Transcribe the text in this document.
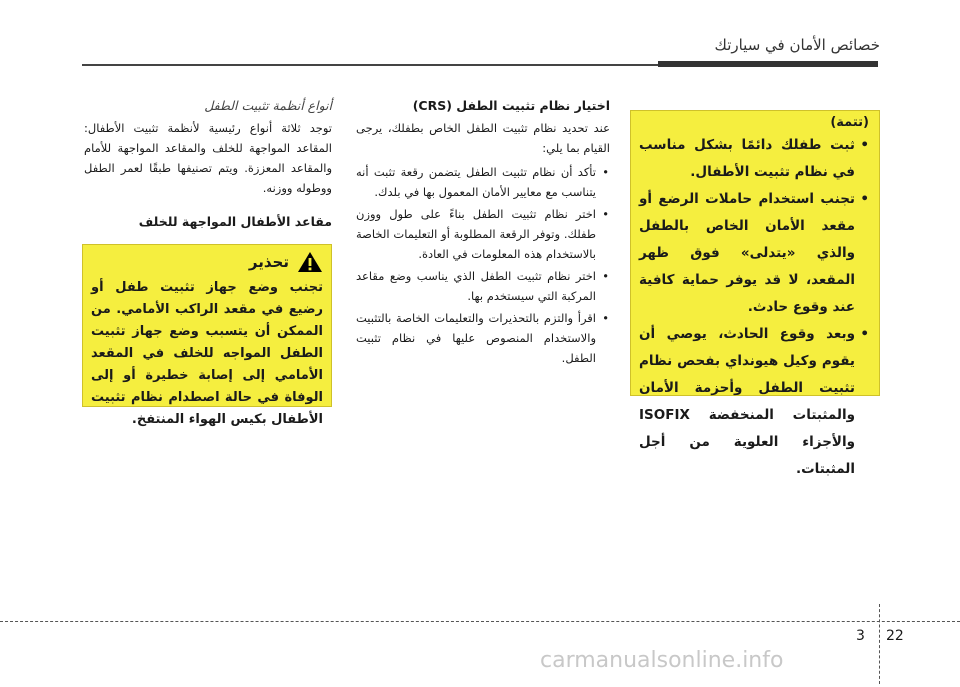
خصائص الأمان في سيارتك
أنواع أنظمة تثبيت الطفل

توجد ثلاثة أنواع رئيسية لأنظمة تثبيت الأطفال: المقاعد المواجهة للخلف والمقاعد المواجهة للأمام والمقاعد المعززة. ويتم تصنيفها طبقًا لعمر الطفل ووطوله ووزنه.

مقاعد الأطفال المواجهة للخلف
تحذير
تجنب وضع جهاز تثبيت طفل أو رضيع في مقعد الراكب الأمامي. من الممكن أن يتسبب وضع جهاز تثبيت الطفل المواجه للخلف في المقعد الأمامي إلى إصابة خطيرة أو إلى الوفاة في حالة اصطدام نظام تثبيت الأطفال بكيس الهواء المنتفخ.
اختيار نظام تثبيت الطفل (CRS)

عند تحديد نظام تثبيت الطفل الخاص بطفلك، يرجى القيام بما يلي:

•
تأكد أن نظام تثبيت الطفل يتضمن رقعة تثبت أنه يتناسب مع معايير الأمان المعمول بها في بلدك.
•
اختر نظام تثبيت الطفل بناءً على طول ووزن طفلك. وتوفر الرقعة المطلوبة أو التعليمات الخاصة بالاستخدام هذه المعلومات في العادة.
•
اختر نظام تثبيت الطفل الذي يناسب وضع مقاعد المركبة التي سيستخدم بها.
•
اقرأ والتزم بالتحذيرات والتعليمات الخاصة بالتثبيت والاستخدام المنصوص عليها في نظام تثبيت الطفل.
(تتمة)
•
ثبت طفلك دائمًا بشكل مناسب في نظام تثبيت الأطفال.
•
تجنب استخدام حاملات الرضع أو مقعد الأمان الخاص بالطفل والذي «يتدلى» فوق ظهر المقعد، لا قد يوفر حماية كافية عند وقوع حادث.
•
وبعد وقوع الحادث، يوصي أن يقوم وكيل هيونداي بفحص نظام تثبيت الطفل وأحزمة الأمان والمثبتات المنخفضة ISOFIX والأجزاء العلوية من أجل المثبتات.
3 22
carmanualsonline.info
